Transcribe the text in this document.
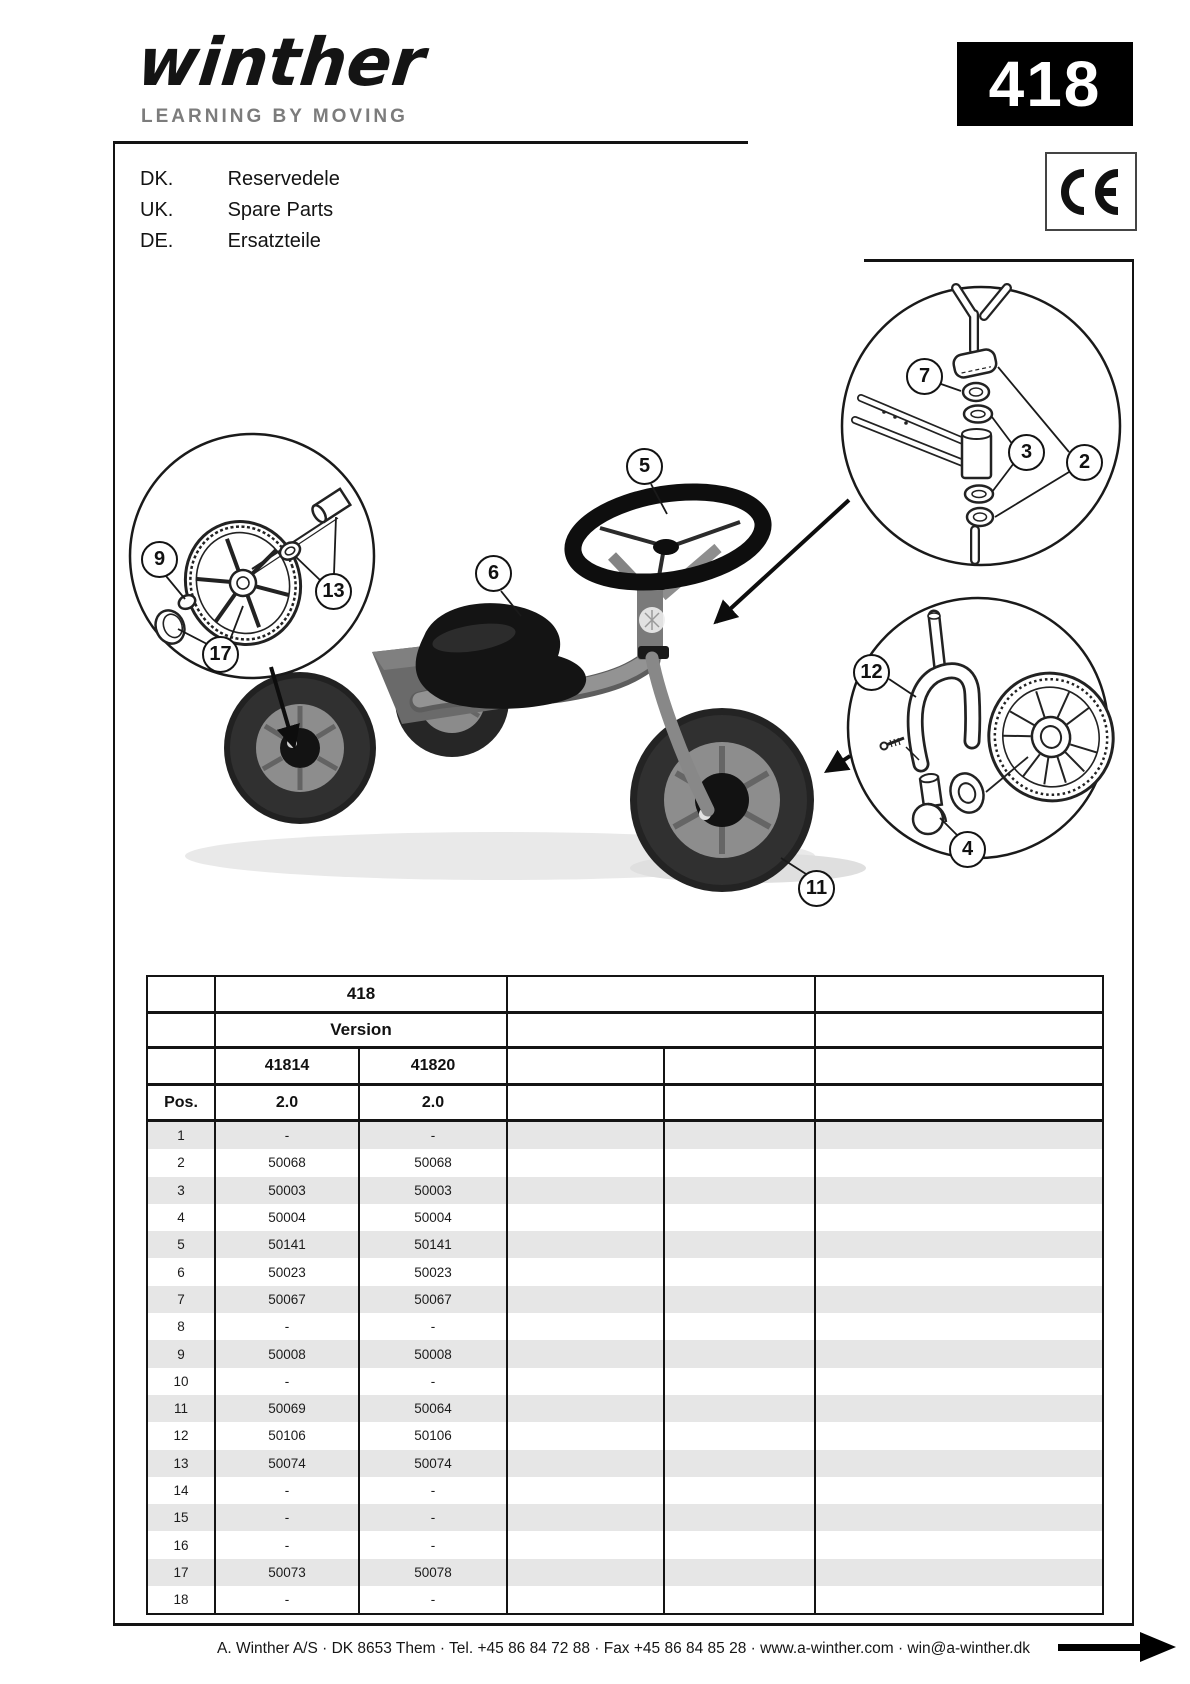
winther
LEARNING BY MOVING	418
DK.	Reservedele
UK.	Spare Parts
DE.	Ersatzteile
2
3
4
5
6
7
9
11
12
13
17
	418				
	Version				
	41814	41820			
Pos.	2.0	2.0			
1	-	-			
2	50068	50068			
3	50003	50003			
4	50004	50004			
5	50141	50141			
6	50023	50023			
7	50067	50067			
8	-	-			
9	50008	50008			
10	-	-			
11	50069	50064			
12	50106	50106			
13	50074	50074			
14	-	-			
15	-	-			
16	-	-			
17	50073	50078			
18	-	-			
A. Winther A/S · DK 8653 Them · Tel. +45 86 84 72 88 · Fax +45 86 84 85 28 · www.a-winther.com · win@a-winther.dk
